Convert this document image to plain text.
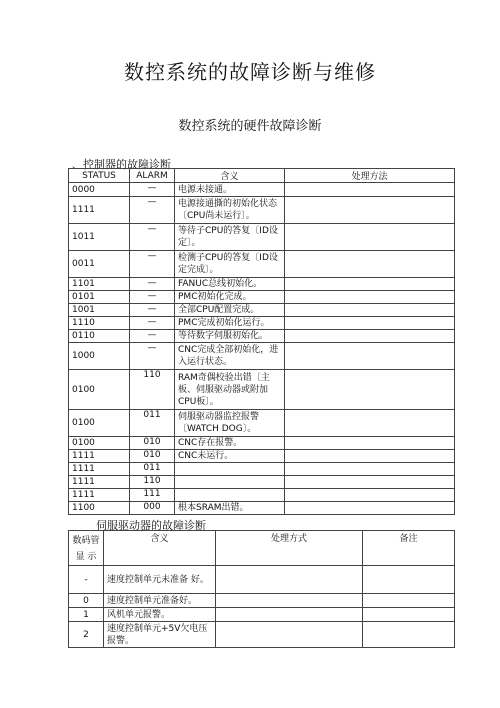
数控系统的故障诊断与维修
数控系统的硬件故障诊断
、控制器的故障诊断
STATUS	ALARM	含义	处理方法
0000	—	电源未接通。	
1111	—	电源接通撕的初始化状态〔CPU尚未运行〕。	
1011	—	等待子CPU的答复〔ID设定〕。	
0011	—	检测子CPU的答复〔ID设定完成〕。	
1101	—	FANUC总线初始化。	
0101	—	PMC初始化完成。	
1001	—	全部CPU配置完成。	
1110	—	PMC完成初始化运行。	
0110	—	等待数字伺服初始化。	
1000	—	CNC完成全部初始化，进入运行状态。	
0100	110	RAM奇偶校验出错〔主板、伺服驱动器或附加CPU板〕。	
0100	011	伺服驱动器监控报警〔WATCH DOG〕。	
0100	010	CNC存在报警。	
1111	010	CNC未运行。	
1111	011		
1111	110		
1111	111		
1100	000	根本SRAM出错。	
伺服驱动器的故障诊断
数码管显 示	含义	处理方式	备注
-	速度控制单元未准备 好。		
0	速度控制单元准备好。		
1	风机单元报警。		
2	速度控制单元+5V欠电压报警。		
